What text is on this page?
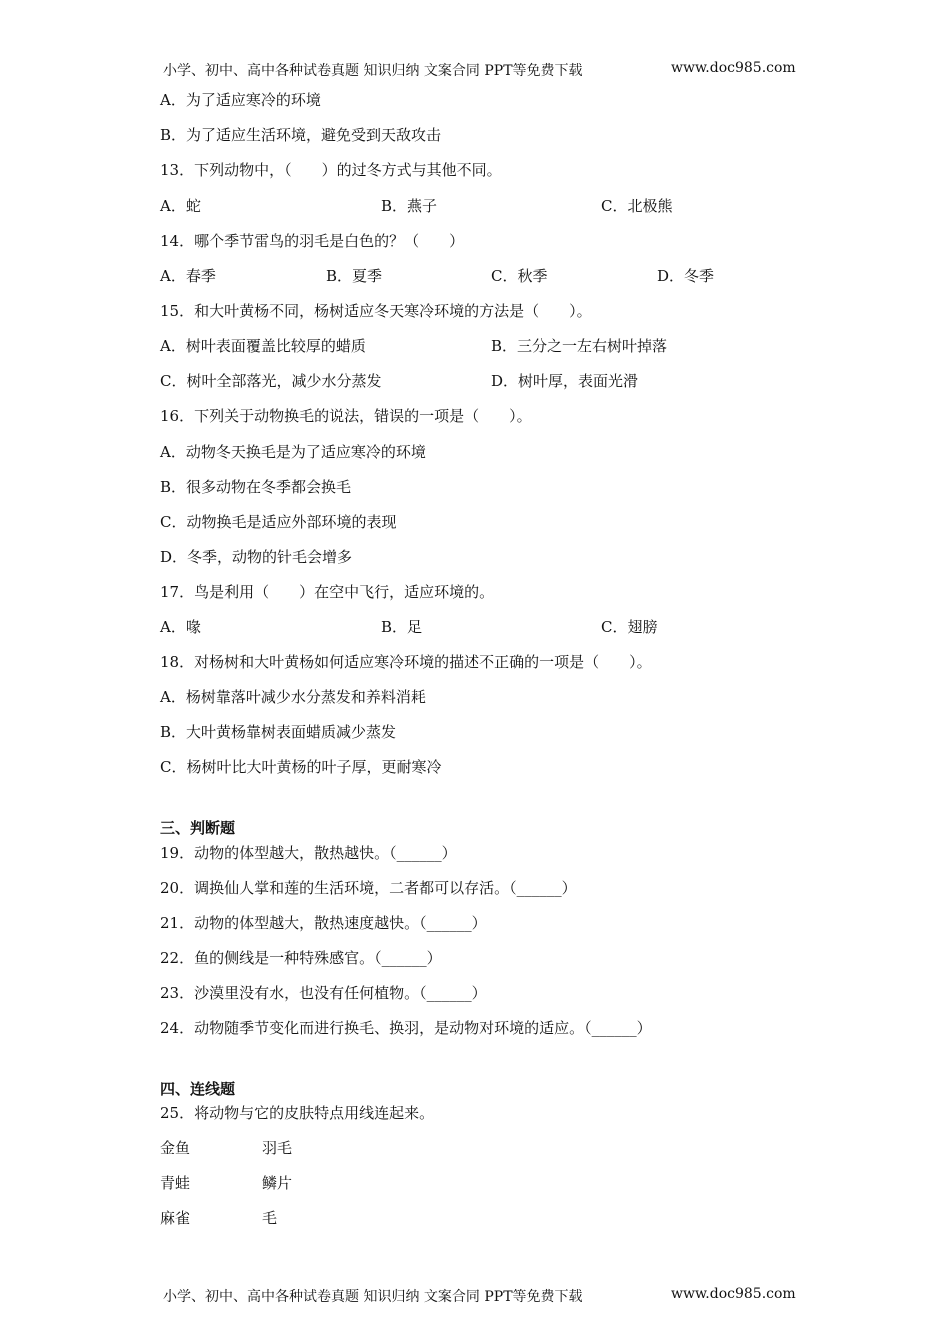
小学、初中、高中各种试卷真题 知识归纳 文案合同 PPT等免费下载	www.doc985.com
A．为了适应寒冷的环境
B．为了适应生活环境，避免受到天敌攻击
13．下列动物中，（　　）的过冬方式与其他不同。
A．蛇	B．燕子	C．北极熊
14．哪个季节雷鸟的羽毛是白色的？（　　）
A．春季	B．夏季	C．秋季	D．冬季
15．和大叶黄杨不同，杨树适应冬天寒冷环境的方法是（　　）。
A．树叶表面覆盖比较厚的蜡质	B．三分之一左右树叶掉落
C．树叶全部落光，减少水分蒸发	D．树叶厚，表面光滑
16．下列关于动物换毛的说法，错误的一项是（　　）。
A．动物冬天换毛是为了适应寒冷的环境
B．很多动物在冬季都会换毛
C．动物换毛是适应外部环境的表现
D．冬季，动物的针毛会增多
17．鸟是利用（　　）在空中飞行，适应环境的。
A．喙	B．足	C．翅膀
18．对杨树和大叶黄杨如何适应寒冷环境的描述不正确的一项是（　　）。
A．杨树靠落叶减少水分蒸发和养料消耗
B．大叶黄杨靠树表面蜡质减少蒸发
C．杨树叶比大叶黄杨的叶子厚，更耐寒冷
三、判断题
19．动物的体型越大，散热越快。（______）
20．调换仙人掌和莲的生活环境，二者都可以存活。（______）
21．动物的体型越大，散热速度越快。（______）
22．鱼的侧线是一种特殊感官。（______）
23．沙漠里没有水，也没有任何植物。（______）
24．动物随季节变化而进行换毛、换羽，是动物对环境的适应。（______）
四、连线题
25．将动物与它的皮肤特点用线连起来。
金鱼	羽毛
青蛙	鳞片
麻雀	毛
小学、初中、高中各种试卷真题 知识归纳 文案合同 PPT等免费下载	www.doc985.com
